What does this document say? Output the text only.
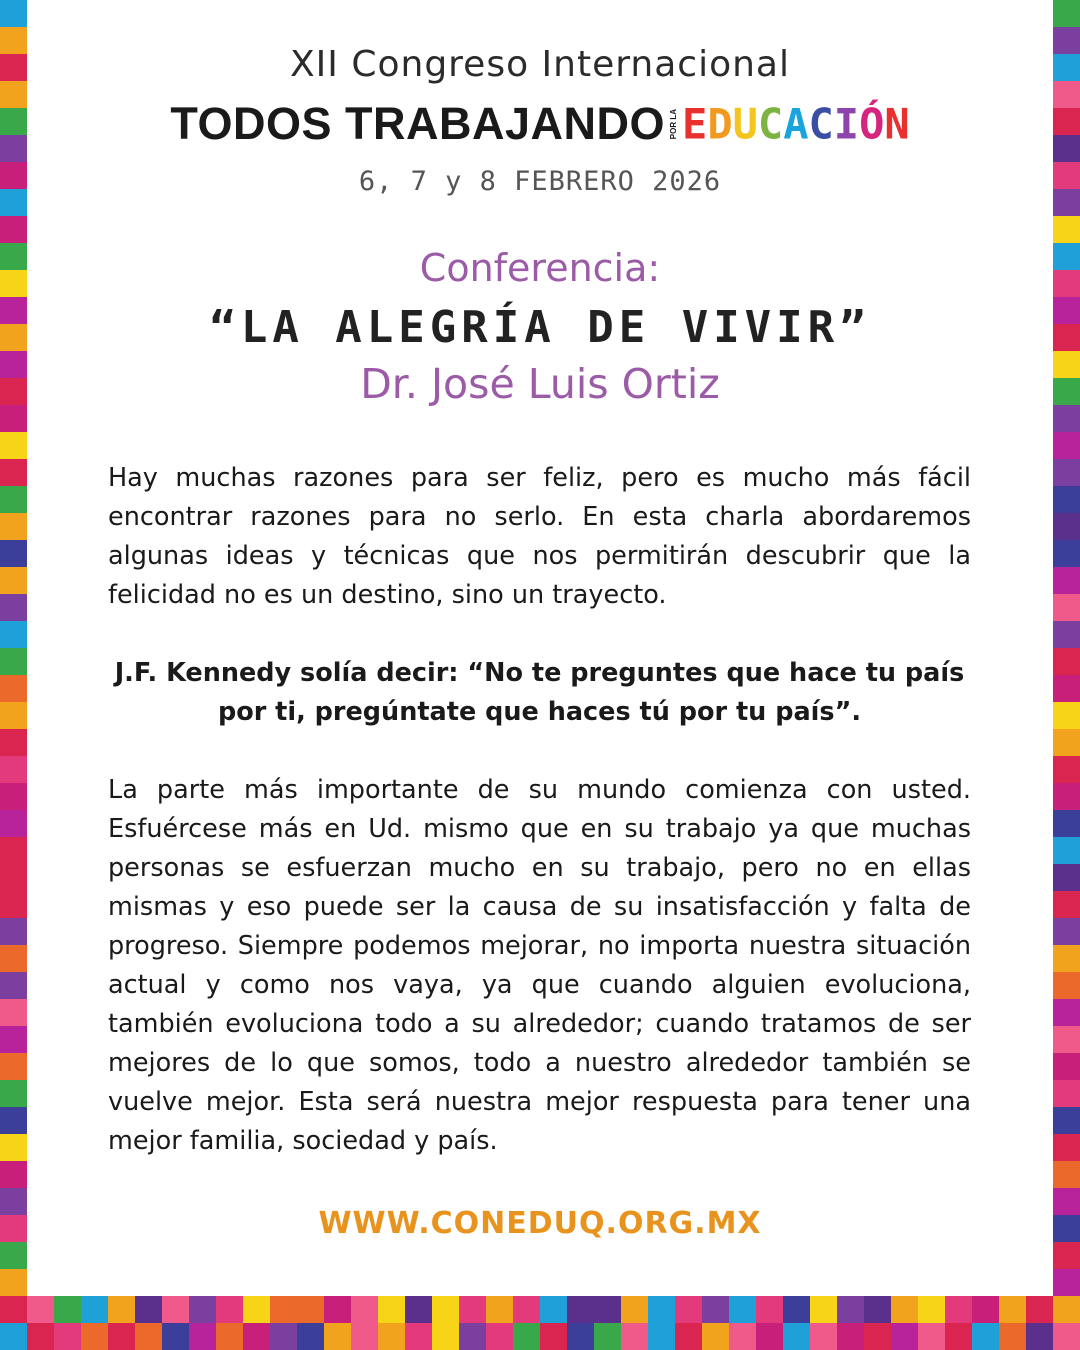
XII Congreso Internacional
TODOS TRABAJANDO POR LAEDUCACIÓN
6, 7 y 8 FEBRERO 2026
Conferencia:
“LA ALEGRÍA DE VIVIR”
Dr. José Luis Ortiz

Hay muchas razones para ser feliz, pero es mucho más fácil encontrar razones para no serlo. En esta charla abordaremos algunas ideas y técnicas que nos permitirán descubrir que la felicidad no es un destino, sino un trayecto.

J.F. Kennedy solía decir: “No te preguntes que hace tu país por ti, pregúntate que haces tú por tu país”.

La parte más importante de su mundo comienza con usted. Esfuércese más en Ud. mismo que en su trabajo ya que muchas personas se esfuerzan mucho en su trabajo, pero no en ellas mismas y eso puede ser la causa de su insatisfacción y falta de progreso. Siempre podemos mejorar, no importa nuestra situación actual y como nos vaya, ya que cuando alguien evoluciona, también evoluciona todo a su alrededor; cuando tratamos de ser mejores de lo que somos, todo a nuestro alrededor también se vuelve mejor. Esta será nuestra mejor respuesta para tener una mejor familia, sociedad y país.

WWW.CONEDUQ.ORG.MX
